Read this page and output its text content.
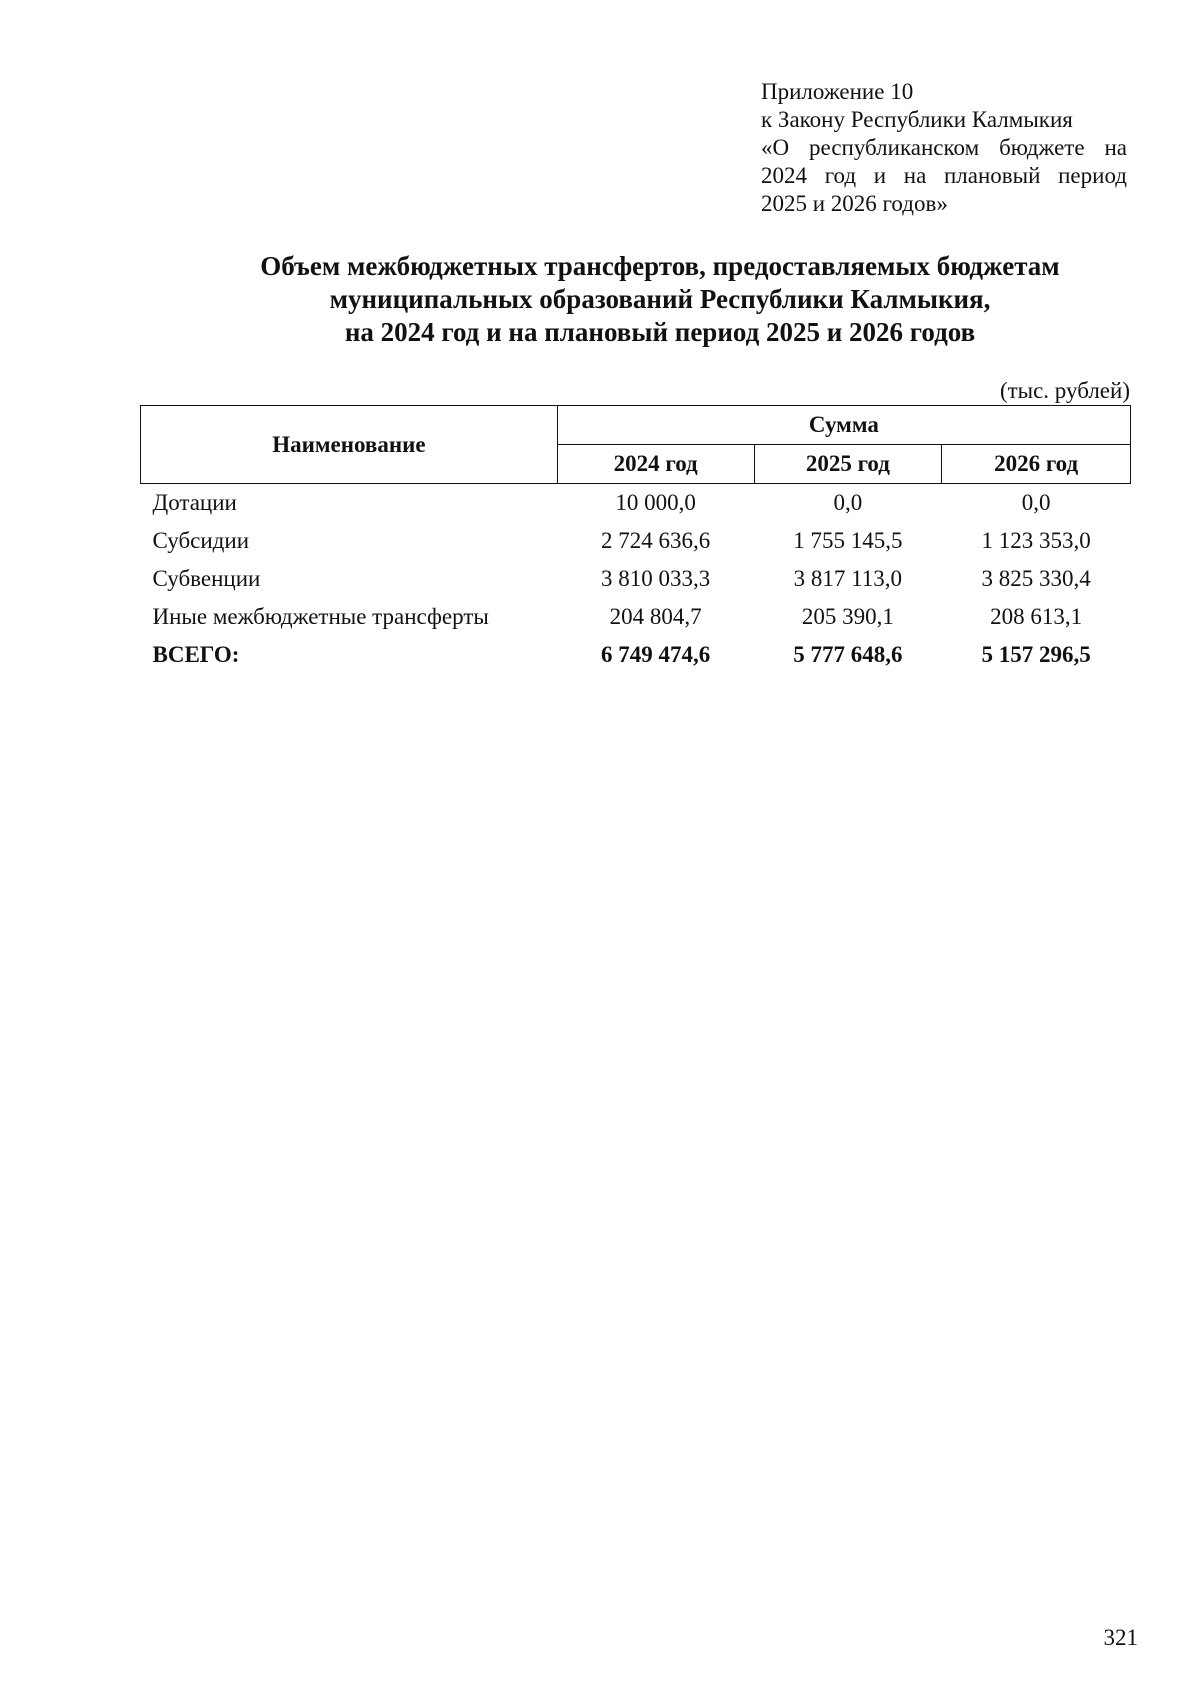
Приложение 10
к Закону Республики Калмыкия
«О республиканском бюджете на
2024 год и на плановый период
2025 и 2026 годов»
Объем межбюджетных трансфертов, предоставляемых бюджетам
муниципальных образований Республики Калмыкия,
на 2024 год и на плановый период 2025 и 2026 годов
(тыс. рублей)
Наименование	Сумма		
	2024 год	2025 год	2026 год
Дотации	10 000,0	0,0	0,0
Субсидии	2 724 636,6	1 755 145,5	1 123 353,0
Субвенции	3 810 033,3	3 817 113,0	3 825 330,4
Иные межбюджетные трансферты	204 804,7	205 390,1	208 613,1
ВСЕГО:	6 749 474,6	5 777 648,6	5 157 296,5
321
